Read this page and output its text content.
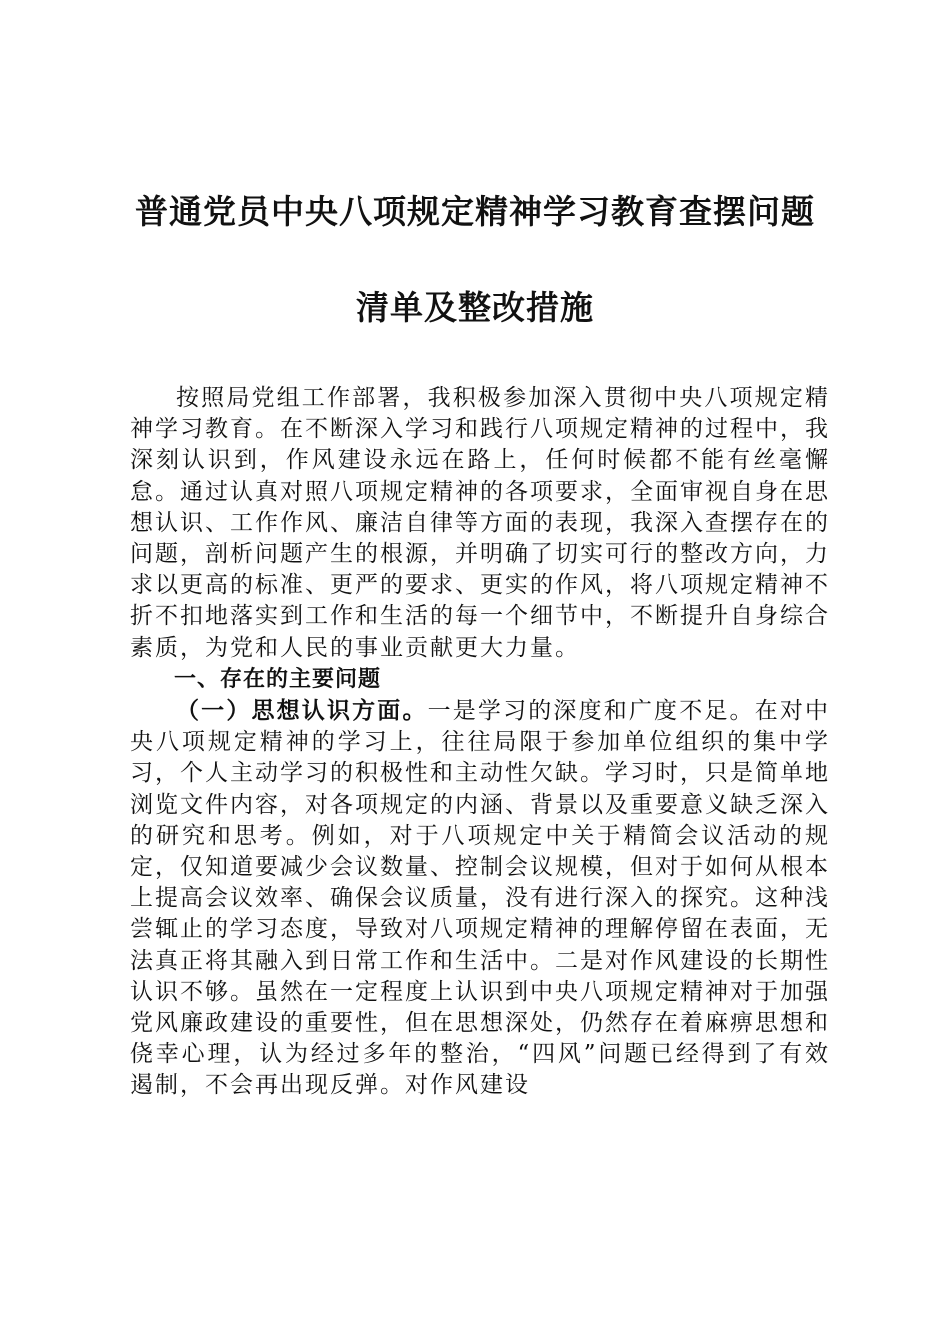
普通党员中央八项规定精神学习教育查摆问题

清单及整改措施

按照局党组工作部署，我积极参加深入贯彻中央八项规定精神学习教育。在不断深入学习和践行八项规定精神的过程中，我深刻认识到，作风建设永远在路上，任何时候都不能有丝毫懈怠。通过认真对照八项规定精神的各项要求，全面审视自身在思想认识、工作作风、廉洁自律等方面的表现，我深入查摆存在的问题，剖析问题产生的根源，并明确了切实可行的整改方向，力求以更高的标准、更严的要求、更实的作风，将八项规定精神不折不扣地落实到工作和生活的每一个细节中，不断提升自身综合素质，为党和人民的事业贡献更大力量。

一、存在的主要问题

（一）思想认识方面。一是学习的深度和广度不足。在对中央八项规定精神的学习上，往往局限于参加单位组织的集中学习，个人主动学习的积极性和主动性欠缺。学习时，只是简单地浏览文件内容，对各项规定的内涵、背景以及重要意义缺乏深入的研究和思考。例如，对于八项规定中关于精简会议活动的规定，仅知道要减少会议数量、控制会议规模，但对于如何从根本上提高会议效率、确保会议质量，没有进行深入的探究。这种浅尝辄止的学习态度，导致对八项规定精神的理解停留在表面，无法真正将其融入到日常工作和生活中。二是对作风建设的长期性认识不够。虽然在一定程度上认识到中央八项规定精神对于加强党风廉政建设的重要性，但在思想深处，仍然存在着麻痹思想和侥幸心理，认为经过多年的整治，“四风”问题已经得到了有效遏制，不会再出现反弹。对作风建设
